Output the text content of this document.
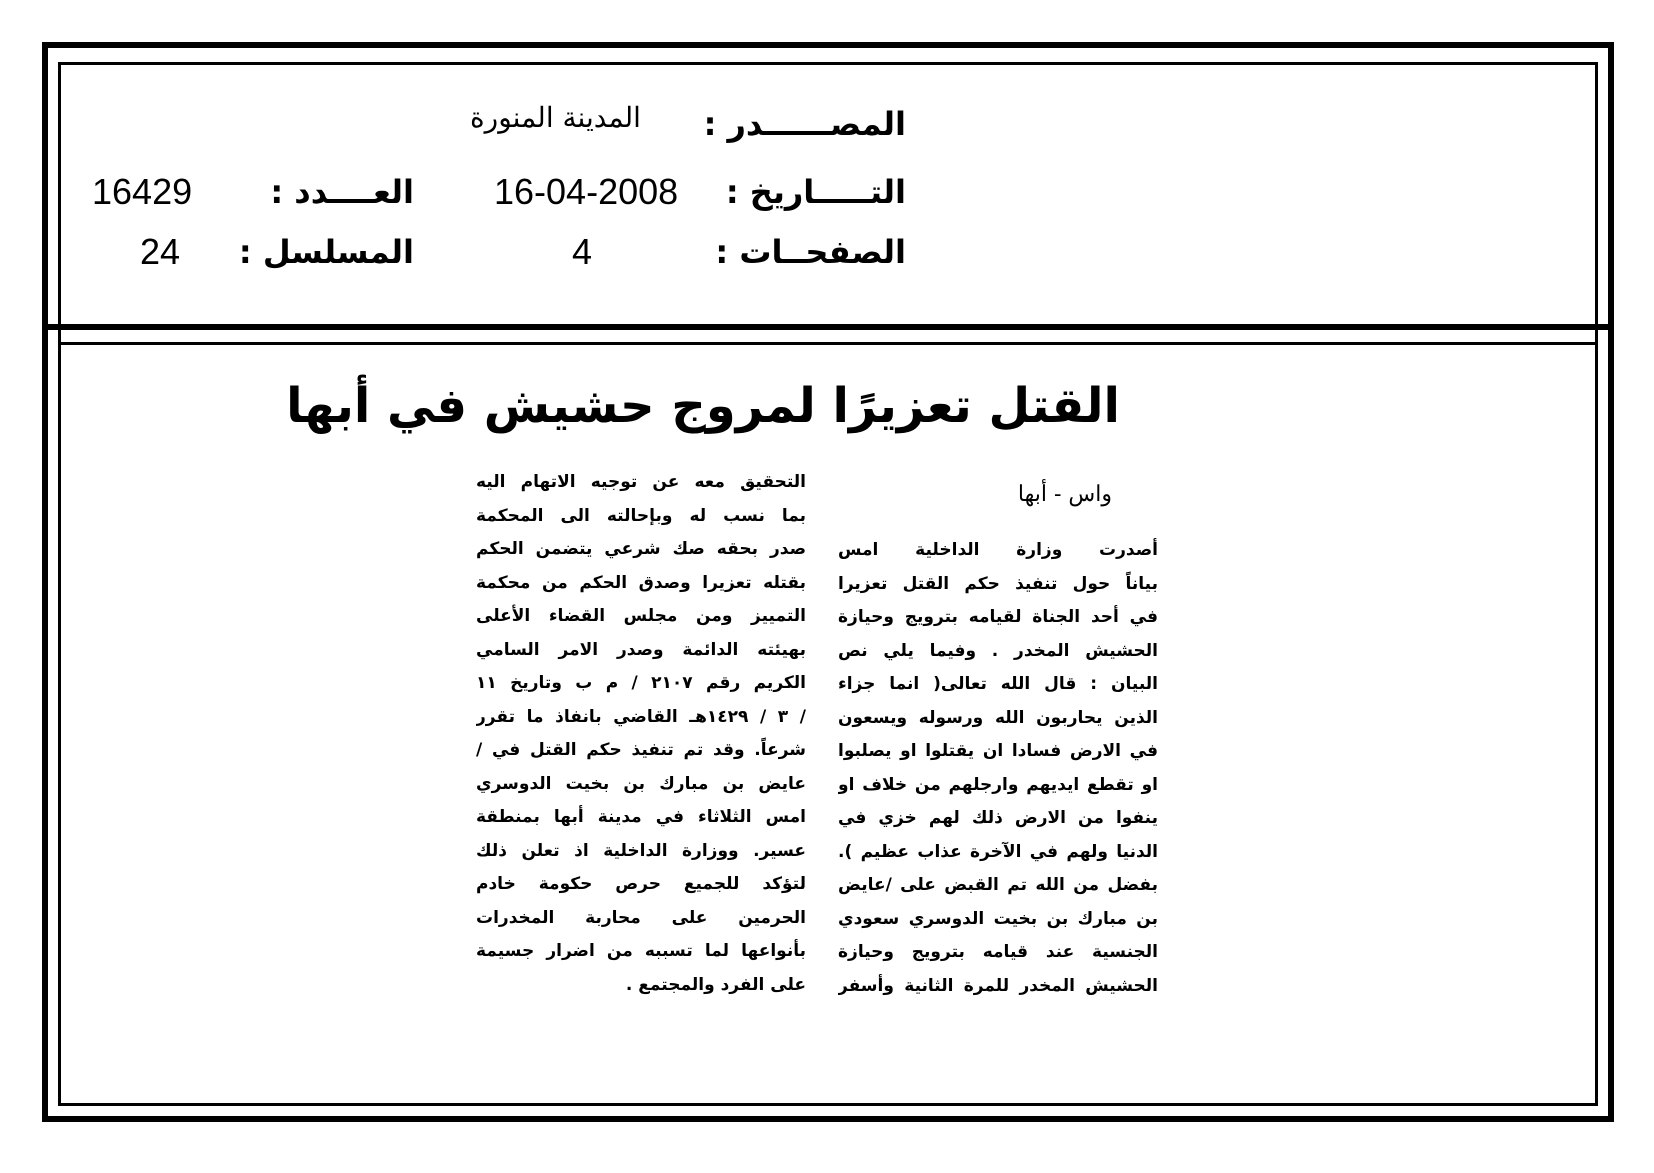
المصــــــدر :
المدينة المنورة
التـــــاريخ :
16-04-2008
العــــدد :
16429
الصفحــات :
4
المسلسل :
24
القتل تعزيرًا لمروج حشيش في أبها
واس - أبها
أصدرت وزارة الداخلية امس
بياناً حول تنفيذ حكم القتل تعزيرا
في أحد الجناة لقيامه بترويج وحيازة
الحشيش المخدر . وفيما يلي نص
البيان : قال الله تعالى( انما جزاء
الذين يحاربون الله ورسوله ويسعون
في الارض فسادا ان يقتلوا او يصلبوا
او تقطع ايديهم وارجلهم من خلاف او
ينفوا من الارض ذلك لهم خزي في
الدنيا ولهم في الآخرة عذاب عظيم ).
بفضل من الله تم القبض على /عايض
بن مبارك بن بخيت الدوسري سعودي
الجنسية عند قيامه بترويج وحيازة
الحشيش المخدر للمرة الثانية وأسفر
التحقيق معه عن توجيه الاتهام اليه
بما نسب له وبإحالته الى المحكمة
صدر بحقه صك شرعي يتضمن الحكم
بقتله تعزيرا وصدق الحكم من محكمة
التمييز ومن مجلس القضاء الأعلى
بهيئته الدائمة وصدر الامر السامي
الكريم رقم ٢١٠٧ / م ب وتاريخ ١١
/ ٣ / ١٤٢٩هـ القاضي بانفاذ ما تقرر
شرعاً. وقد تم تنفيذ حكم القتل في /
عايض بن مبارك بن بخيت الدوسري
امس الثلاثاء في مدينة أبها بمنطقة
عسير. ووزارة الداخلية اذ تعلن ذلك
لتؤكد للجميع حرص حكومة خادم
الحرمين على محاربة المخدرات
بأنواعها لما تسببه من اضرار جسيمة
على الفرد والمجتمع .
